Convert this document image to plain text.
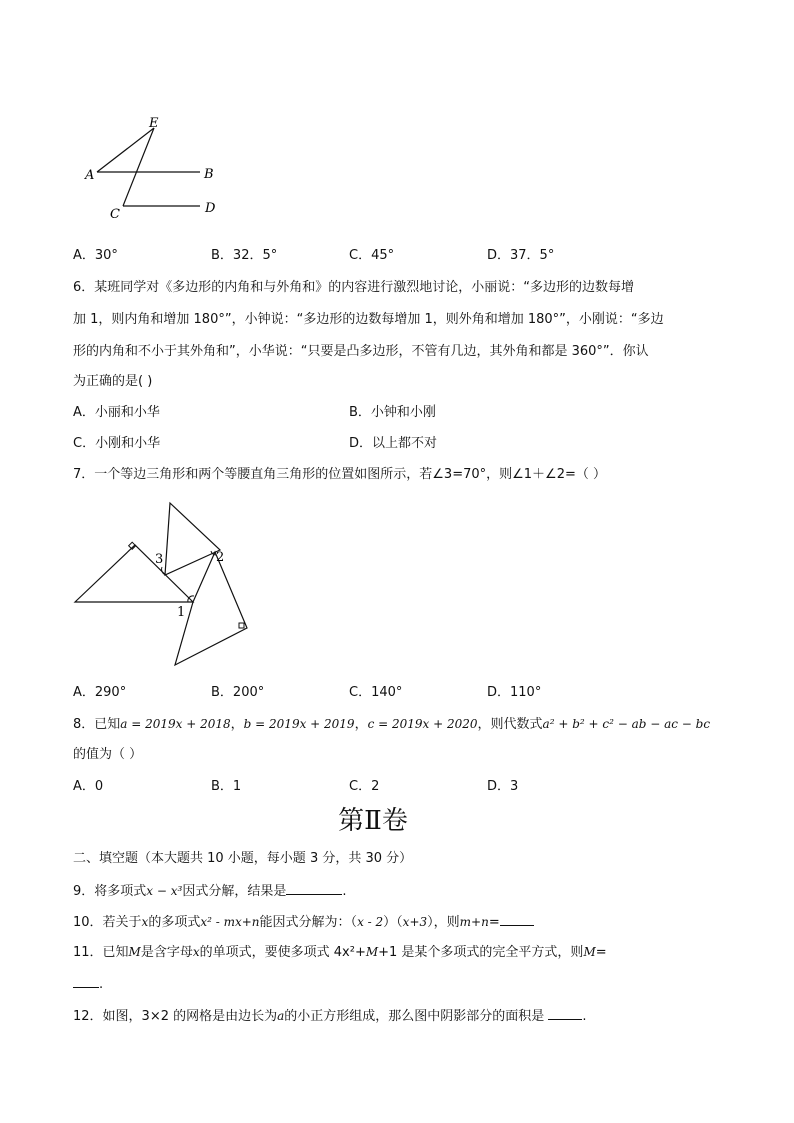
E
A	B
C	D
A．30°	B．32．5°	C．45°	D．37．5°
6．某班同学对《多边形的内角和与外角和》的内容进行激烈地讨论，小丽说：“多边形的边数每增
加 1，则内角和增加 180°”，小钟说：“多边形的边数每增加 1，则外角和增加 180°”，小刚说：“多边
形的内角和不小于其外角和”，小华说：“只要是凸多边形，不管有几边，其外角和都是 360°”．你认
为正确的是( )
A．小丽和小华	B．小钟和小刚
C．小刚和小华	D．以上都不对
7．一个等边三角形和两个等腰直角三角形的位置如图所示，若∠3=70°，则∠1＋∠2=（ ）
3	2
1
A．290°	B．200°	C．140°	D．110°
8．已知a = 2019x + 2018，b = 2019x + 2019，c = 2019x + 2020，则代数式a² + b² + c² − ab − ac − bc
的值为（ ）
A．0	B．1	C．2	D．3
第Ⅱ卷
二、填空题（本大题共 10 小题，每小题 3 分，共 30 分）
9．将多项式x − x³因式分解，结果是	.
10．若关于x的多项式x² - mx+n能因式分解为：（x - 2）（x+3），则m+n=
11．已知M是含字母x的单项式，要使多项式 4x²+M+1 是某个多项式的完全平方式，则M=
.
12．如图，3×2 的网格是由边长为a的小正方形组成，那么图中阴影部分的面积是	.
